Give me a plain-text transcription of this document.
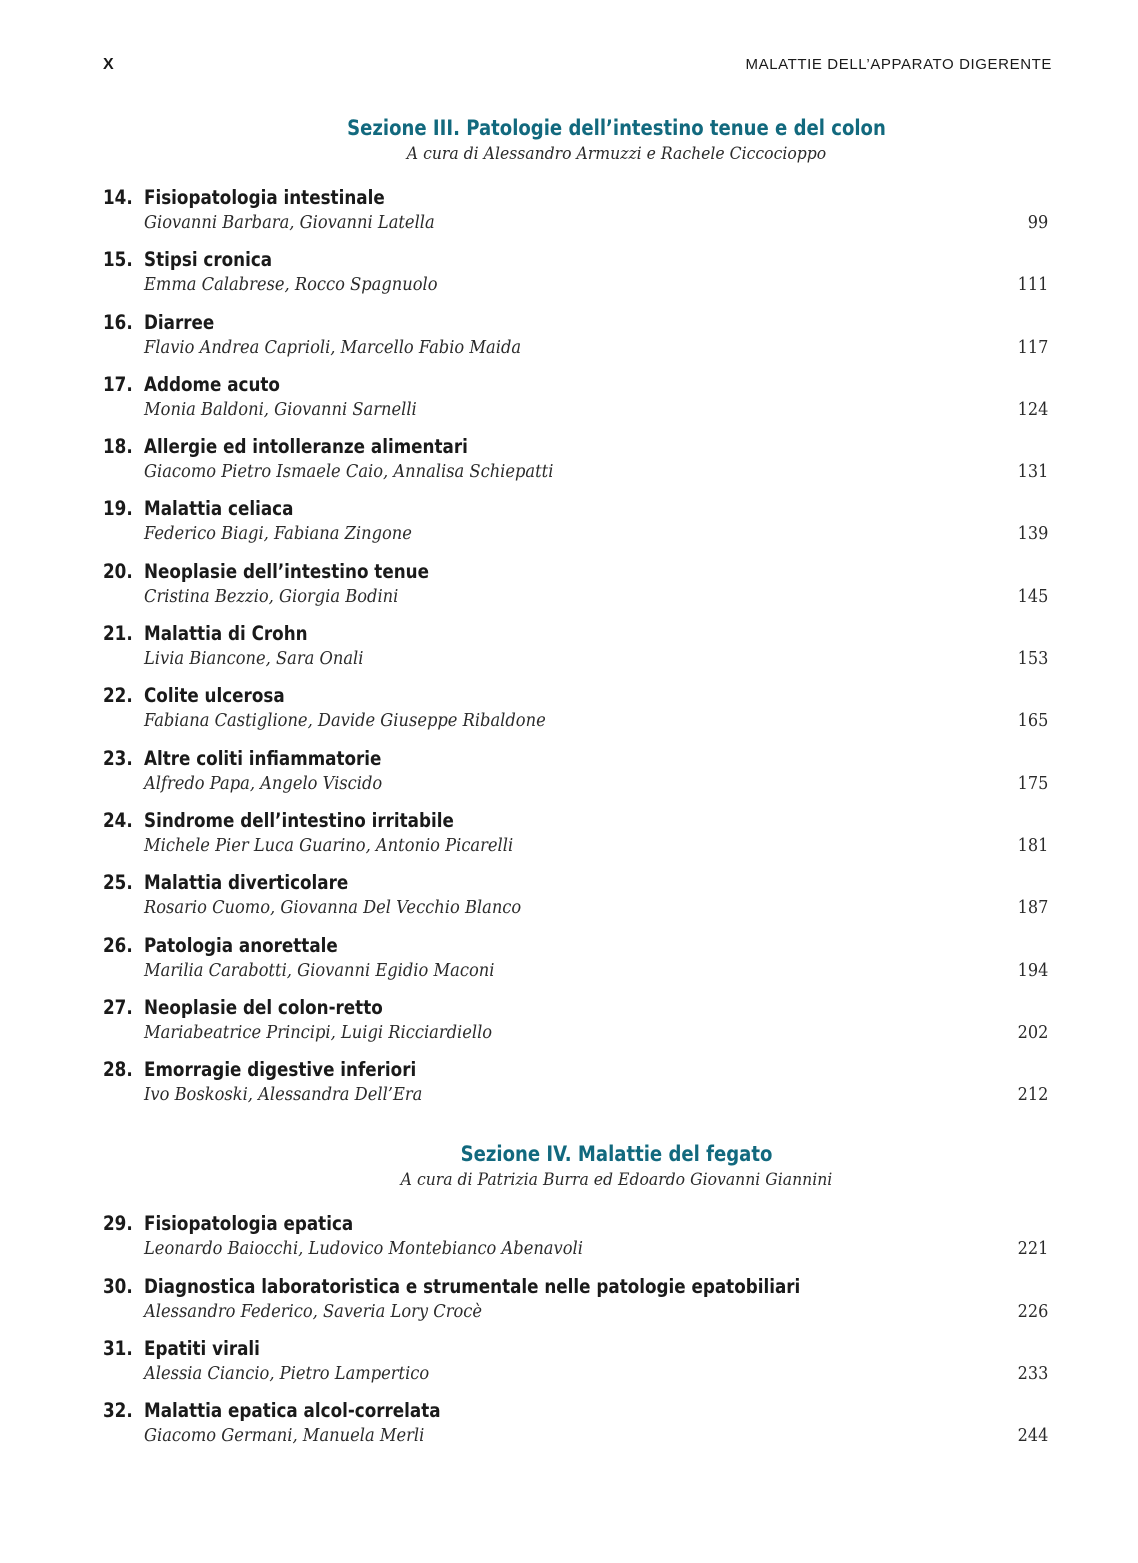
X	MALATTIE DELL’APPARATO DIGERENTE
Sezione III. Patologie dell’intestino tenue e del colon
A cura di Alessandro Armuzzi e Rachele Ciccocioppo
14. Fisiopatologia intestinale
Giovanni Barbara, Giovanni Latella	99
15. Stipsi cronica
Emma Calabrese, Rocco Spagnuolo	111
16. Diarree
Flavio Andrea Caprioli, Marcello Fabio Maida	117
17. Addome acuto
Monia Baldoni, Giovanni Sarnelli	124
18. Allergie ed intolleranze alimentari
Giacomo Pietro Ismaele Caio, Annalisa Schiepatti	131
19. Malattia celiaca
Federico Biagi, Fabiana Zingone	139
20. Neoplasie dell’intestino tenue
Cristina Bezzio, Giorgia Bodini	145
21. Malattia di Crohn
Livia Biancone, Sara Onali	153
22. Colite ulcerosa
Fabiana Castiglione, Davide Giuseppe Ribaldone	165
23. Altre coliti infiammatorie
Alfredo Papa, Angelo Viscido	175
24. Sindrome dell’intestino irritabile
Michele Pier Luca Guarino, Antonio Picarelli	181
25. Malattia diverticolare
Rosario Cuomo, Giovanna Del Vecchio Blanco	187
26. Patologia anorettale
Marilia Carabotti, Giovanni Egidio Maconi	194
27. Neoplasie del colon-retto
Mariabeatrice Principi, Luigi Ricciardiello	202
28. Emorragie digestive inferiori
Ivo Boskoski, Alessandra Dell’Era	212
Sezione IV. Malattie del fegato
A cura di Patrizia Burra ed Edoardo Giovanni Giannini
29. Fisiopatologia epatica
Leonardo Baiocchi, Ludovico Montebianco Abenavoli	221
30. Diagnostica laboratoristica e strumentale nelle patologie epatobiliari
Alessandro Federico, Saveria Lory Crocè	226
31. Epatiti virali
Alessia Ciancio, Pietro Lampertico	233
32. Malattia epatica alcol-correlata
Giacomo Germani, Manuela Merli	244
